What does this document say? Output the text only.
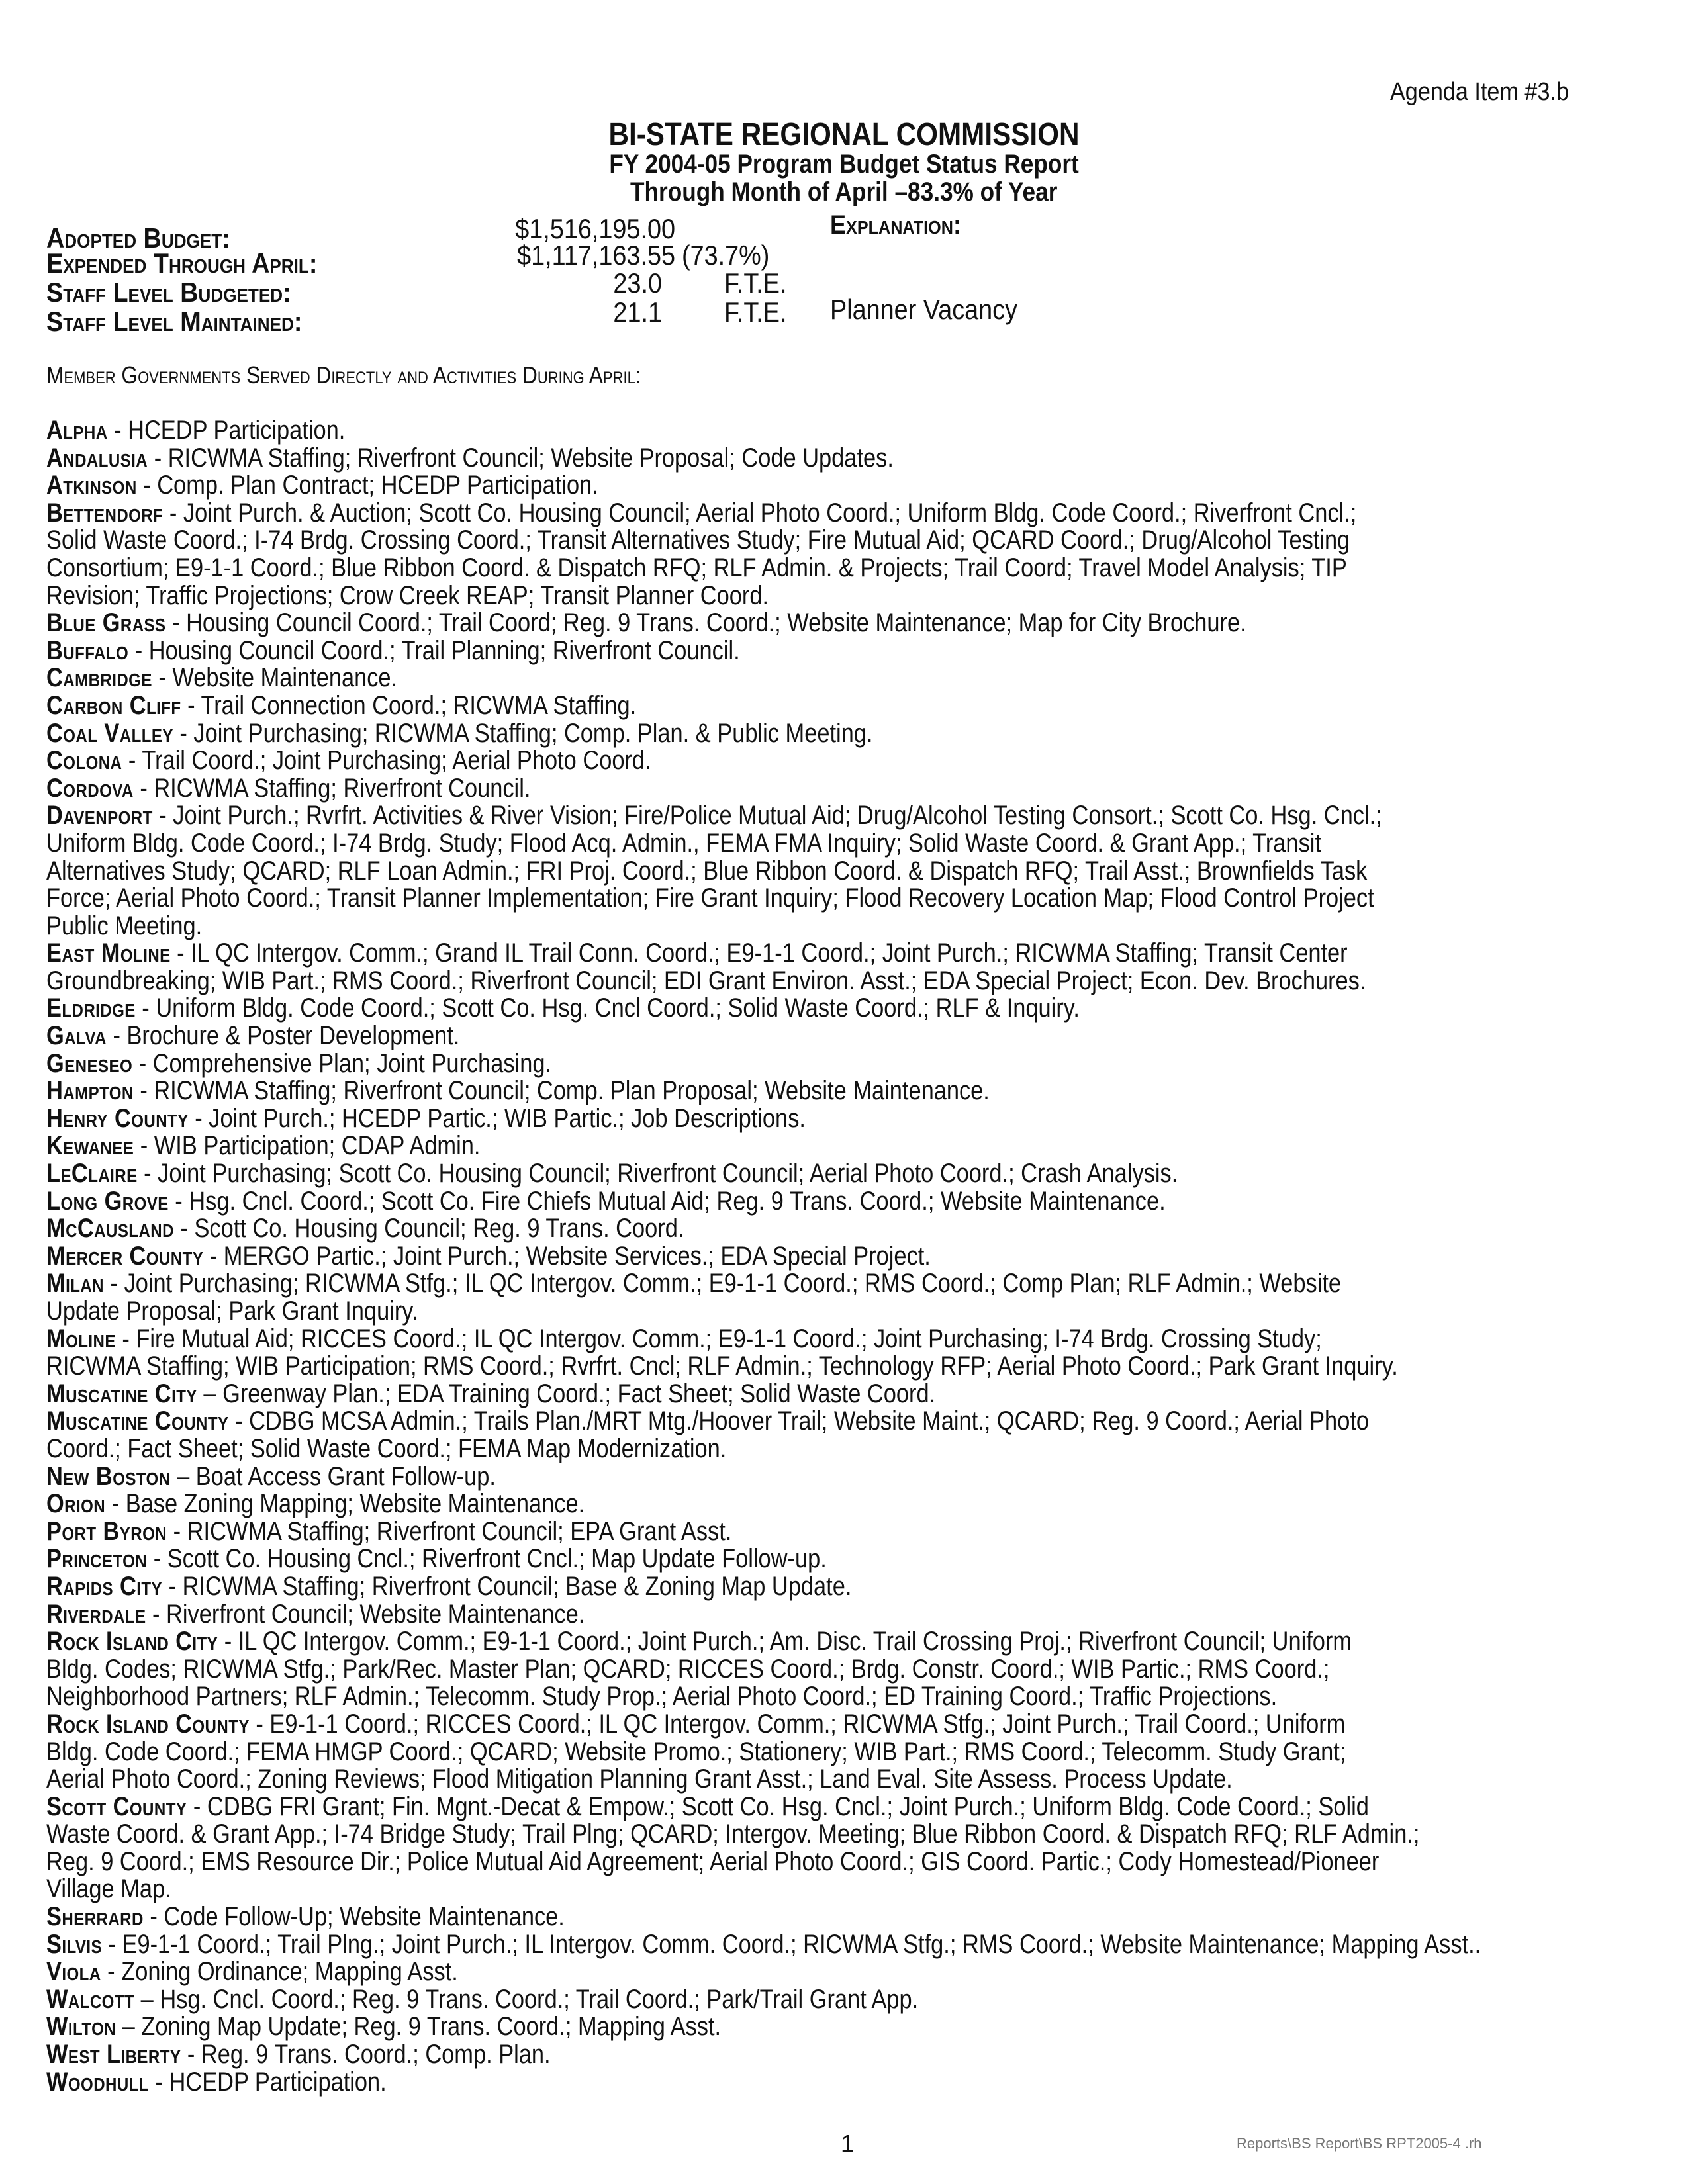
Agenda Item #3.b
BI-STATE REGIONAL COMMISSION
FY 2004-05 Program Budget Status Report
Through Month of April –83.3% of Year
Adopted Budget:	$1,516,195.00	Explanation:
Expended Through April:	$1,117,163.55 (73.7%)
Staff Level Budgeted:	23.0 F.T.E.
Staff Level Maintained:	21.1 F.T.E. Planner Vacancy
Member Governments Served Directly and Activities During April:
Alpha - HCEDP Participation.
Andalusia - RICWMA Staffing; Riverfront Council; Website Proposal; Code Updates.
Atkinson - Comp. Plan Contract; HCEDP Participation.
Bettendorf - Joint Purch. & Auction; Scott Co. Housing Council; Aerial Photo Coord.; Uniform Bldg. Code Coord.; Riverfront Cncl.;
Solid Waste Coord.; I-74 Brdg. Crossing Coord.; Transit Alternatives Study; Fire Mutual Aid; QCARD Coord.; Drug/Alcohol Testing
Consortium; E9-1-1 Coord.; Blue Ribbon Coord. & Dispatch RFQ; RLF Admin. & Projects; Trail Coord; Travel Model Analysis; TIP
Revision; Traffic Projections; Crow Creek REAP; Transit Planner Coord.
Blue Grass - Housing Council Coord.; Trail Coord; Reg. 9 Trans. Coord.; Website Maintenance; Map for City Brochure.
Buffalo - Housing Council Coord.; Trail Planning; Riverfront Council.
Cambridge - Website Maintenance.
Carbon Cliff - Trail Connection Coord.; RICWMA Staffing.
Coal Valley - Joint Purchasing; RICWMA Staffing; Comp. Plan. & Public Meeting.
Colona - Trail Coord.; Joint Purchasing; Aerial Photo Coord.
Cordova - RICWMA Staffing; Riverfront Council.
Davenport - Joint Purch.; Rvrfrt. Activities & River Vision; Fire/Police Mutual Aid; Drug/Alcohol Testing Consort.; Scott Co. Hsg. Cncl.;
Uniform Bldg. Code Coord.; I-74 Brdg. Study; Flood Acq. Admin., FEMA FMA Inquiry; Solid Waste Coord. & Grant App.; Transit
Alternatives Study; QCARD; RLF Loan Admin.; FRI Proj. Coord.; Blue Ribbon Coord. & Dispatch RFQ; Trail Asst.; Brownfields Task
Force; Aerial Photo Coord.; Transit Planner Implementation; Fire Grant Inquiry; Flood Recovery Location Map; Flood Control Project
Public Meeting.
East Moline - IL QC Intergov. Comm.; Grand IL Trail Conn. Coord.; E9-1-1 Coord.; Joint Purch.; RICWMA Staffing; Transit Center
Groundbreaking; WIB Part.; RMS Coord.; Riverfront Council; EDI Grant Environ. Asst.; EDA Special Project; Econ. Dev. Brochures.
Eldridge - Uniform Bldg. Code Coord.; Scott Co. Hsg. Cncl Coord.; Solid Waste Coord.; RLF & Inquiry.
Galva - Brochure & Poster Development.
Geneseo - Comprehensive Plan; Joint Purchasing.
Hampton - RICWMA Staffing; Riverfront Council; Comp. Plan Proposal; Website Maintenance.
Henry County - Joint Purch.; HCEDP Partic.; WIB Partic.; Job Descriptions.
Kewanee - WIB Participation; CDAP Admin.
LeClaire - Joint Purchasing; Scott Co. Housing Council; Riverfront Council; Aerial Photo Coord.; Crash Analysis.
Long Grove - Hsg. Cncl. Coord.; Scott Co. Fire Chiefs Mutual Aid; Reg. 9 Trans. Coord.; Website Maintenance.
McCausland - Scott Co. Housing Council; Reg. 9 Trans. Coord.
Mercer County - MERGO Partic.; Joint Purch.; Website Services.; EDA Special Project.
Milan - Joint Purchasing; RICWMA Stfg.; IL QC Intergov. Comm.; E9-1-1 Coord.; RMS Coord.; Comp Plan; RLF Admin.; Website
Update Proposal; Park Grant Inquiry.
Moline - Fire Mutual Aid; RICCES Coord.; IL QC Intergov. Comm.; E9-1-1 Coord.; Joint Purchasing; I-74 Brdg. Crossing Study;
RICWMA Staffing; WIB Participation; RMS Coord.; Rvrfrt. Cncl; RLF Admin.; Technology RFP; Aerial Photo Coord.; Park Grant Inquiry.
Muscatine City – Greenway Plan.; EDA Training Coord.; Fact Sheet; Solid Waste Coord.
Muscatine County - CDBG MCSA Admin.; Trails Plan./MRT Mtg./Hoover Trail; Website Maint.; QCARD; Reg. 9 Coord.; Aerial Photo
Coord.; Fact Sheet; Solid Waste Coord.; FEMA Map Modernization.
New Boston – Boat Access Grant Follow-up.
Orion - Base Zoning Mapping; Website Maintenance.
Port Byron - RICWMA Staffing; Riverfront Council; EPA Grant Asst.
Princeton - Scott Co. Housing Cncl.; Riverfront Cncl.; Map Update Follow-up.
Rapids City - RICWMA Staffing; Riverfront Council; Base & Zoning Map Update.
Riverdale - Riverfront Council; Website Maintenance.
Rock Island City - IL QC Intergov. Comm.; E9-1-1 Coord.; Joint Purch.; Am. Disc. Trail Crossing Proj.; Riverfront Council; Uniform
Bldg. Codes; RICWMA Stfg.; Park/Rec. Master Plan; QCARD; RICCES Coord.; Brdg. Constr. Coord.; WIB Partic.; RMS Coord.;
Neighborhood Partners; RLF Admin.; Telecomm. Study Prop.; Aerial Photo Coord.; ED Training Coord.; Traffic Projections.
Rock Island County - E9-1-1 Coord.; RICCES Coord.; IL QC Intergov. Comm.; RICWMA Stfg.; Joint Purch.; Trail Coord.; Uniform
Bldg. Code Coord.; FEMA HMGP Coord.; QCARD; Website Promo.; Stationery; WIB Part.; RMS Coord.; Telecomm. Study Grant;
Aerial Photo Coord.; Zoning Reviews; Flood Mitigation Planning Grant Asst.; Land Eval. Site Assess. Process Update.
Scott County - CDBG FRI Grant; Fin. Mgnt.-Decat & Empow.; Scott Co. Hsg. Cncl.; Joint Purch.; Uniform Bldg. Code Coord.; Solid
Waste Coord. & Grant App.; I-74 Bridge Study; Trail Plng; QCARD; Intergov. Meeting; Blue Ribbon Coord. & Dispatch RFQ; RLF Admin.;
Reg. 9 Coord.; EMS Resource Dir.; Police Mutual Aid Agreement; Aerial Photo Coord.; GIS Coord. Partic.; Cody Homestead/Pioneer
Village Map.
Sherrard - Code Follow-Up; Website Maintenance.
Silvis - E9-1-1 Coord.; Trail Plng.; Joint Purch.; IL Intergov. Comm. Coord.; RICWMA Stfg.; RMS Coord.; Website Maintenance; Mapping Asst..
Viola - Zoning Ordinance; Mapping Asst.
Walcott – Hsg. Cncl. Coord.; Reg. 9 Trans. Coord.; Trail Coord.; Park/Trail Grant App.
Wilton – Zoning Map Update; Reg. 9 Trans. Coord.; Mapping Asst.
West Liberty - Reg. 9 Trans. Coord.; Comp. Plan.
Woodhull - HCEDP Participation.
1	Reports\BS Report\BS RPT2005-4 .rh
